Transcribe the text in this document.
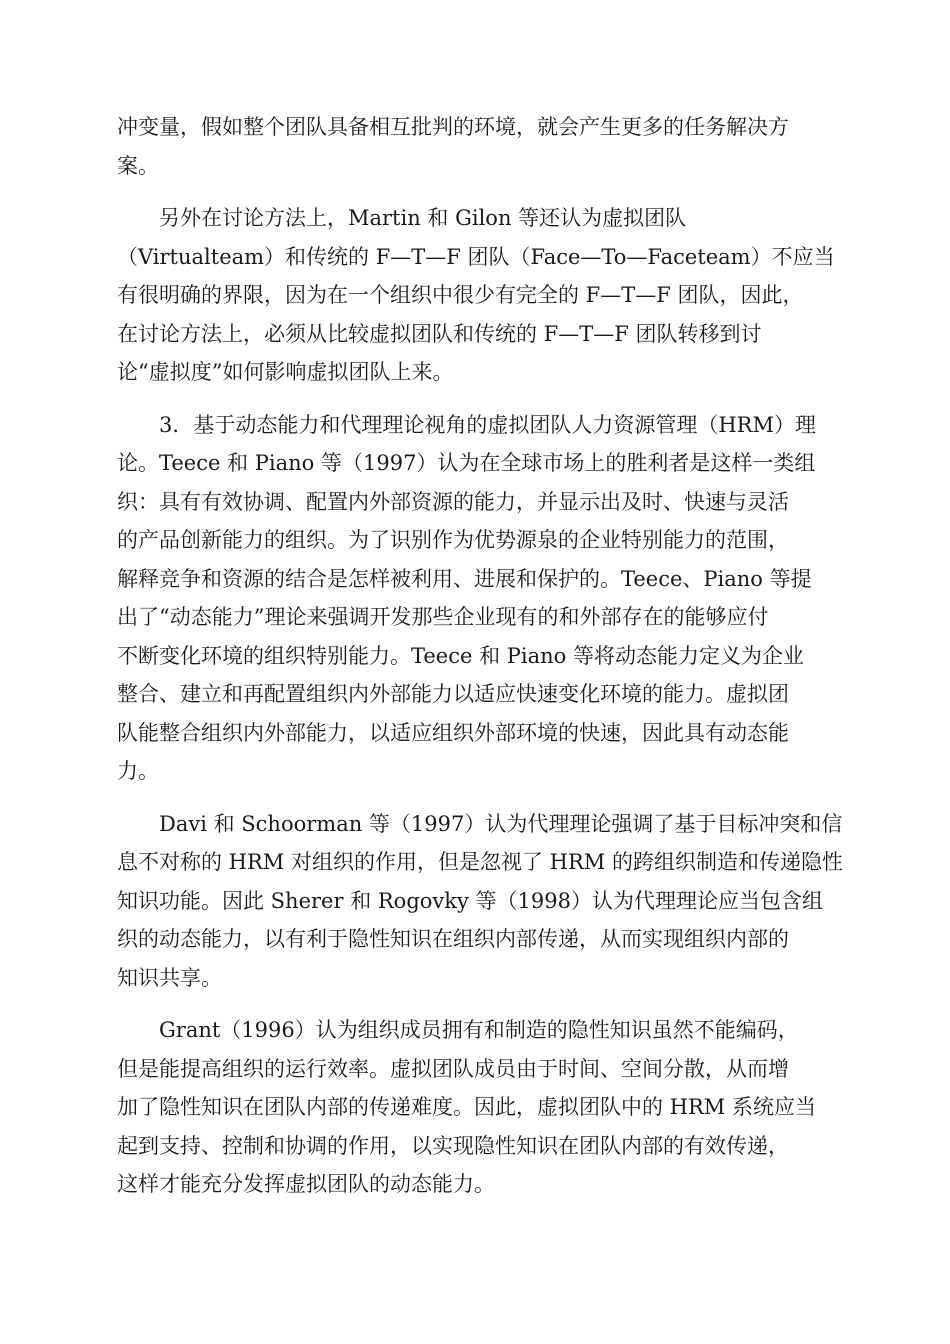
冲变量，假如整个团队具备相互批判的环境，就会产生更多的任务解决方
案。

另外在讨论方法上，Martin 和 Gilon 等还认为虚拟团队
（Virtualteam）和传统的 F—T—F 团队（Face—To—Faceteam）不应当
有很明确的界限，因为在一个组织中很少有完全的 F—T—F 团队，因此，
在讨论方法上，必须从比较虚拟团队和传统的 F—T—F 团队转移到讨
论“虚拟度”如何影响虚拟团队上来。

3．基于动态能力和代理理论视角的虚拟团队人力资源管理（HRM）理
论。Teece 和 Piano 等（1997）认为在全球市场上的胜利者是这样一类组
织：具有有效协调、配置内外部资源的能力，并显示出及时、快速与灵活
的产品创新能力的组织。为了识别作为优势源泉的企业特别能力的范围，
解释竞争和资源的结合是怎样被利用、进展和保护的。Teece、Piano 等提
出了“动态能力”理论来强调开发那些企业现有的和外部存在的能够应付
不断变化环境的组织特别能力。Teece 和 Piano 等将动态能力定义为企业
整合、建立和再配置组织内外部能力以适应快速变化环境的能力。虚拟团
队能整合组织内外部能力，以适应组织外部环境的快速，因此具有动态能
力。

Davi 和 Schoorman 等（1997）认为代理理论强调了基于目标冲突和信
息不对称的 HRM 对组织的作用，但是忽视了 HRM 的跨组织制造和传递隐性
知识功能。因此 Sherer 和 Rogovky 等（1998）认为代理理论应当包含组
织的动态能力，以有利于隐性知识在组织内部传递，从而实现组织内部的
知识共享。

Grant（1996）认为组织成员拥有和制造的隐性知识虽然不能编码，
但是能提高组织的运行效率。虚拟团队成员由于时间、空间分散，从而增
加了隐性知识在团队内部的传递难度。因此，虚拟团队中的 HRM 系统应当
起到支持、控制和协调的作用，以实现隐性知识在团队内部的有效传递，
这样才能充分发挥虚拟团队的动态能力。
